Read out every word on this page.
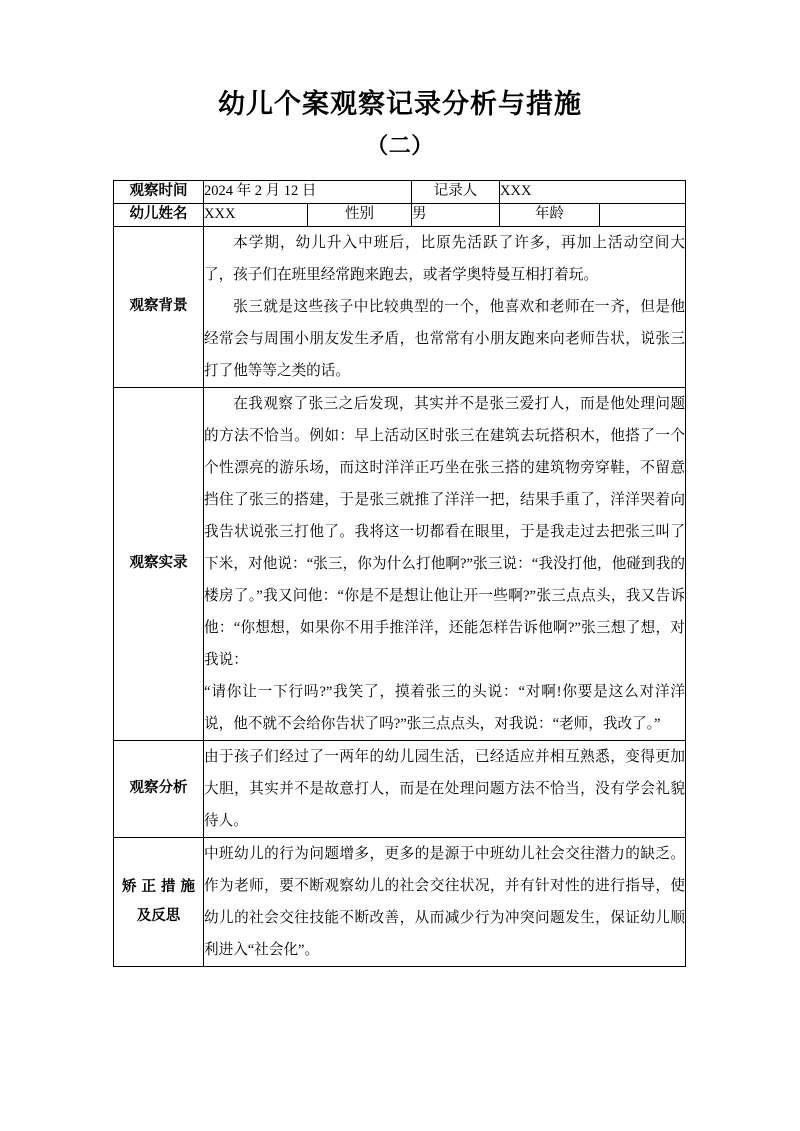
幼儿个案观察记录分析与措施
（二）
观察时间	2024 年 2 月 12 日		记录人	XXX	
幼儿姓名	XXX	性别	男	年龄	
观察背景	本学期，幼儿升入中班后，比原先活跃了许多，再加上活动空间大了，孩子们在班里经常跑来跑去，或者学奥特曼互相打着玩。

张三就是这些孩子中比较典型的一个，他喜欢和老师在一齐，但是他经常会与周围小朋友发生矛盾，也常常有小朋友跑来向老师告状，说张三打了他等等之类的话。				

观察实录	在我观察了张三之后发现，其实并不是张三爱打人，而是他处理问题的方法不恰当。例如：早上活动区时张三在建筑去玩搭积木，他搭了一个个性漂亮的游乐场，而这时洋洋正巧坐在张三搭的建筑物旁穿鞋，不留意挡住了张三的搭建，于是张三就推了洋洋一把，结果手重了，洋洋哭着向我告状说张三打他了。我将这一切都看在眼里，于是我走过去把张三叫了下米，对他说：“张三，你为什么打他啊?”张三说：“我没打他，他碰到我的楼房了。”我又问他：“你是不是想让他让开一些啊?”张三点点头，我又告诉他：“你想想，如果你不用手推洋洋，还能怎样告诉他啊?”张三想了想，对我说：

“请你让一下行吗?”我笑了，摸着张三的头说：“对啊!你要是这么对洋洋说，他不就不会给你告状了吗?”张三点点头，对我说：“老师，我改了。”				

观察分析	由于孩子们经过了一两年的幼儿园生活，已经适应并相互熟悉，变得更加大胆，其实并不是故意打人，而是在处理问题方法不恰当，没有学会礼貌待人。				

矫正措施
及反思	中班幼儿的行为问题增多，更多的是源于中班幼儿社会交往潜力的缺乏。作为老师，要不断观察幼儿的社会交往状况，并有针对性的进行指导，使幼儿的社会交往技能不断改善，从而减少行为冲突问题发生，保证幼儿顺利进入“社会化”。				
